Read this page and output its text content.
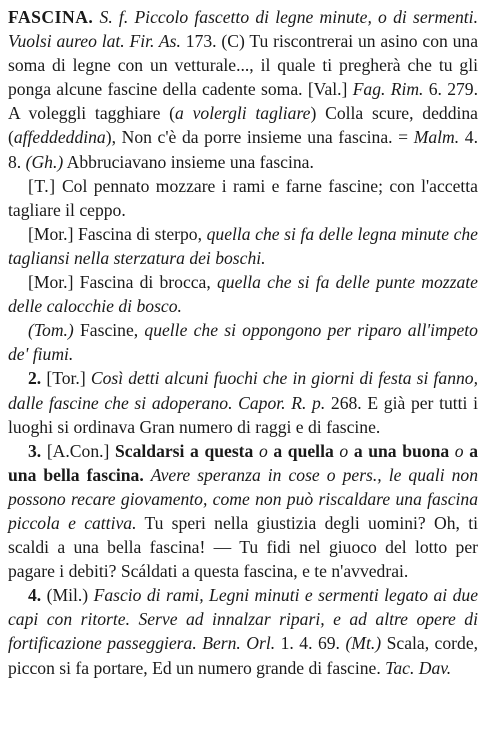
FASCINA. S. f. Piccolo fascetto di legne minute, o di sermenti. Vuolsi aureo lat. Fir. As. 173. (C) Tu riscontrerai un asino con una soma di legne con un vetturale..., il quale ti pregherà che tu gli ponga alcune fascine della cadente soma. [Val.] Fag. Rim. 6. 279. A voleggli tagghiare (a volergli tagliare) Colla scure, deddina (affeddeddina), Non c'è da porre insieme una fascina. = Malm. 4. 8. (Gh.) Abbruciavano insieme una fascina.

[T.] Col pennato mozzare i rami e farne fascine; con l'accetta tagliare il ceppo.

[Mor.] Fascina di sterpo, quella che si fa delle legna minute che tagliansi nella sterzatura dei boschi.

[Mor.] Fascina di brocca, quella che si fa delle punte mozzate delle calocchie di bosco.

(Tom.) Fascine, quelle che si oppongono per riparo all'impeto de' fiumi.

2. [Tor.] Così detti alcuni fuochi che in giorni di festa si fanno, dalle fascine che si adoperano. Capor. R. p. 268. E già per tutti i luoghi si ordinava Gran numero di raggi e di fascine.

3. [A.Con.] Scaldarsi a questa o a quella o a una buona o a una bella fascina. Avere speranza in cose o pers., le quali non possono recare giovamento, come non può riscaldare una fascina piccola e cattiva. Tu speri nella giustizia degli uomini? Oh, ti scaldi a una bella fascina! — Tu fidi nel giuoco del lotto per pagare i debiti? Scáldati a questa fascina, e te n'avvedrai.

4. (Mil.) Fascio di rami, Legni minuti e sermenti legato ai due capi con ritorte. Serve ad innalzar ripari, e ad altre opere di fortificazione passeggiera. Bern. Orl. 1. 4. 69. (Mt.) Scala, corde, piccon si fa portare, Ed un numero grande di fascine. Tac. Dav.
